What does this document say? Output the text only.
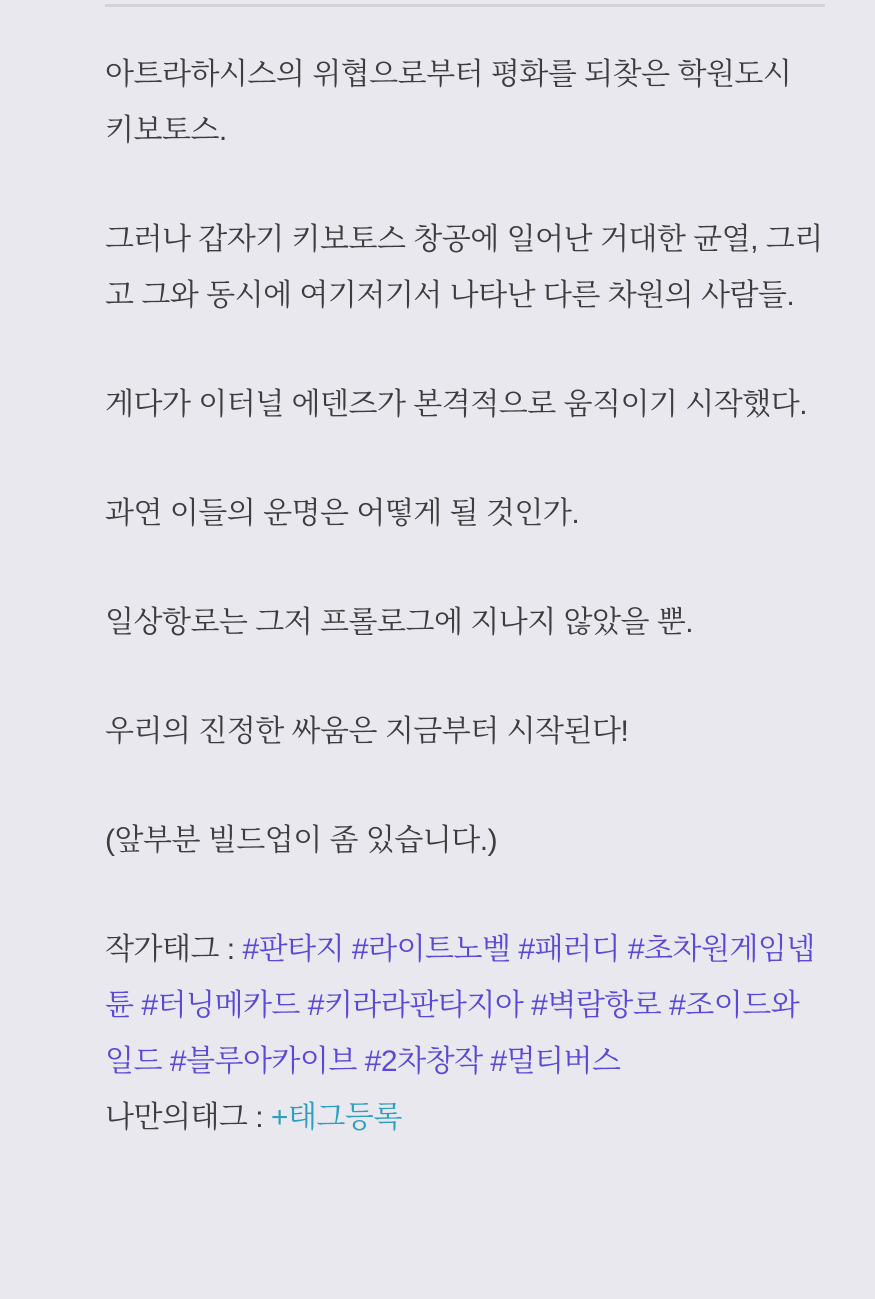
아트라하시스의 위협으로부터 평화를 되찾은 학원도시 키보토스.

그러나 갑자기 키보토스 창공에 일어난 거대한 균열, 그리고 그와 동시에 여기저기서 나타난 다른 차원의 사람들.

게다가 이터널 에덴즈가 본격적으로 움직이기 시작했다.

과연 이들의 운명은 어떻게 될 것인가.

일상항로는 그저 프롤로그에 지나지 않았을 뿐.

우리의 진정한 싸움은 지금부터 시작된다!

(앞부분 빌드업이 좀 있습니다.)

작가태그 : #판타지 #라이트노벨 #패러디 #초차원게임넵튠 #터닝메카드 #키라라판타지아 #벽람항로 #조이드와일드 #블루아카이브 #2차창작 #멀티버스

나만의태그 : +태그등록
